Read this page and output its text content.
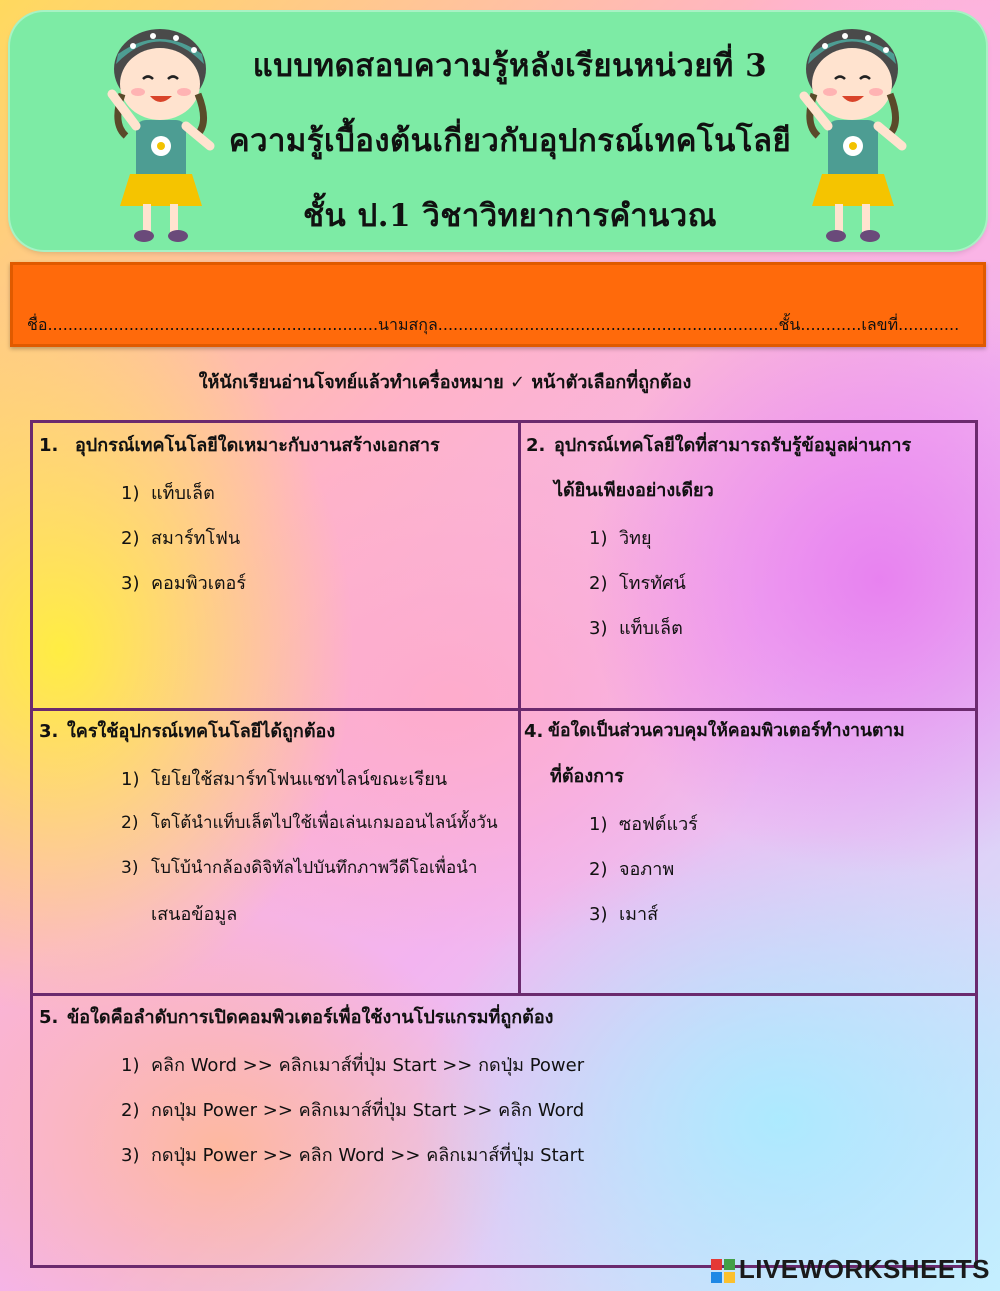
แบบทดสอบความรู้หลังเรียนหน่วยที่ 3
ความรู้เบื้องต้นเกี่ยวกับอุปกรณ์เทคโนโลยี
ชั้น ป.1 วิชาวิทยาการคำนวณ
ชื่อ.................................................................นามสกุล...................................................................ชั้น............เลขที่............
ให้นักเรียนอ่านโจทย์แล้วทำเครื่องหมาย ✓ หน้าตัวเลือกที่ถูกต้อง
1. อุปกรณ์เทคโนโลยีใดเหมาะกับงานสร้างเอกสาร
1) แท็บเล็ต
2) สมาร์ทโฟน
3) คอมพิวเตอร์
2. อุปกรณ์เทคโลยีใดที่สามารถรับรู้ข้อมูลผ่านการ
ได้ยินเพียงอย่างเดียว
1) วิทยุ
2) โทรทัศน์
3) แท็บเล็ต
3. ใครใช้อุปกรณ์เทคโนโลยีได้ถูกต้อง
1) โยโยใช้สมาร์ทโฟนแชทไลน์ขณะเรียน
2) โตโต้นำแท็บเล็ตไปใช้เพื่อเล่นเกมออนไลน์ทั้งวัน
3) โบโบ้นำกล้องดิจิทัลไปบันทึกภาพวีดีโอเพื่อนำ
เสนอข้อมูล
4. ข้อใดเป็นส่วนควบคุมให้คอมพิวเตอร์ทำงานตาม
ที่ต้องการ
1) ซอฟต์แวร์
2) จอภาพ
3) เมาส์
5. ข้อใดคือลำดับการเปิดคอมพิวเตอร์เพื่อใช้งานโปรแกรมที่ถูกต้อง
1) คลิก Word >> คลิกเมาส์ที่ปุ่ม Start >> กดปุ่ม Power
2) กดปุ่ม Power >> คลิกเมาส์ที่ปุ่ม Start >> คลิก Word
3) กดปุ่ม Power >> คลิก Word >> คลิกเมาส์ที่ปุ่ม Start
LIVEWORKSHEETS
